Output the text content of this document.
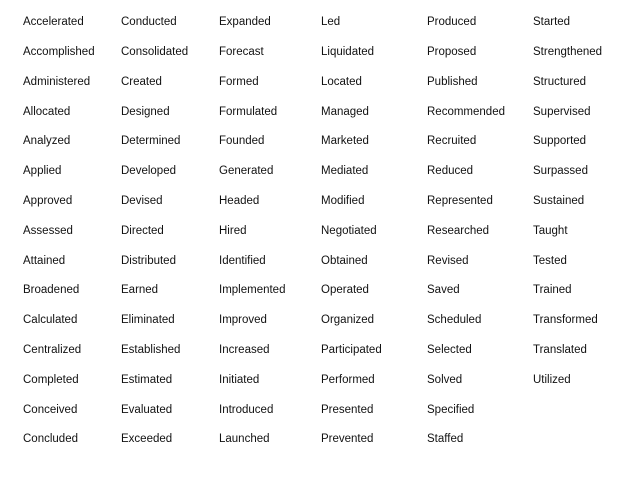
Accelerated	Conducted	Expanded	Led	Produced	Started
Accomplished	Consolidated	Forecast	Liquidated	Proposed	Strengthened
Administered	Created	Formed	Located	Published	Structured
Allocated	Designed	Formulated	Managed	Recommended	Supervised
Analyzed	Determined	Founded	Marketed	Recruited	Supported
Applied	Developed	Generated	Mediated	Reduced	Surpassed
Approved	Devised	Headed	Modified	Represented	Sustained
Assessed	Directed	Hired	Negotiated	Researched	Taught
Attained	Distributed	Identified	Obtained	Revised	Tested
Broadened	Earned	Implemented	Operated	Saved	Trained
Calculated	Eliminated	Improved	Organized	Scheduled	Transformed
Centralized	Established	Increased	Participated	Selected	Translated
Completed	Estimated	Initiated	Performed	Solved	Utilized
Conceived	Evaluated	Introduced	Presented	Specified	
Concluded	Exceeded	Launched	Prevented	Staffed	
